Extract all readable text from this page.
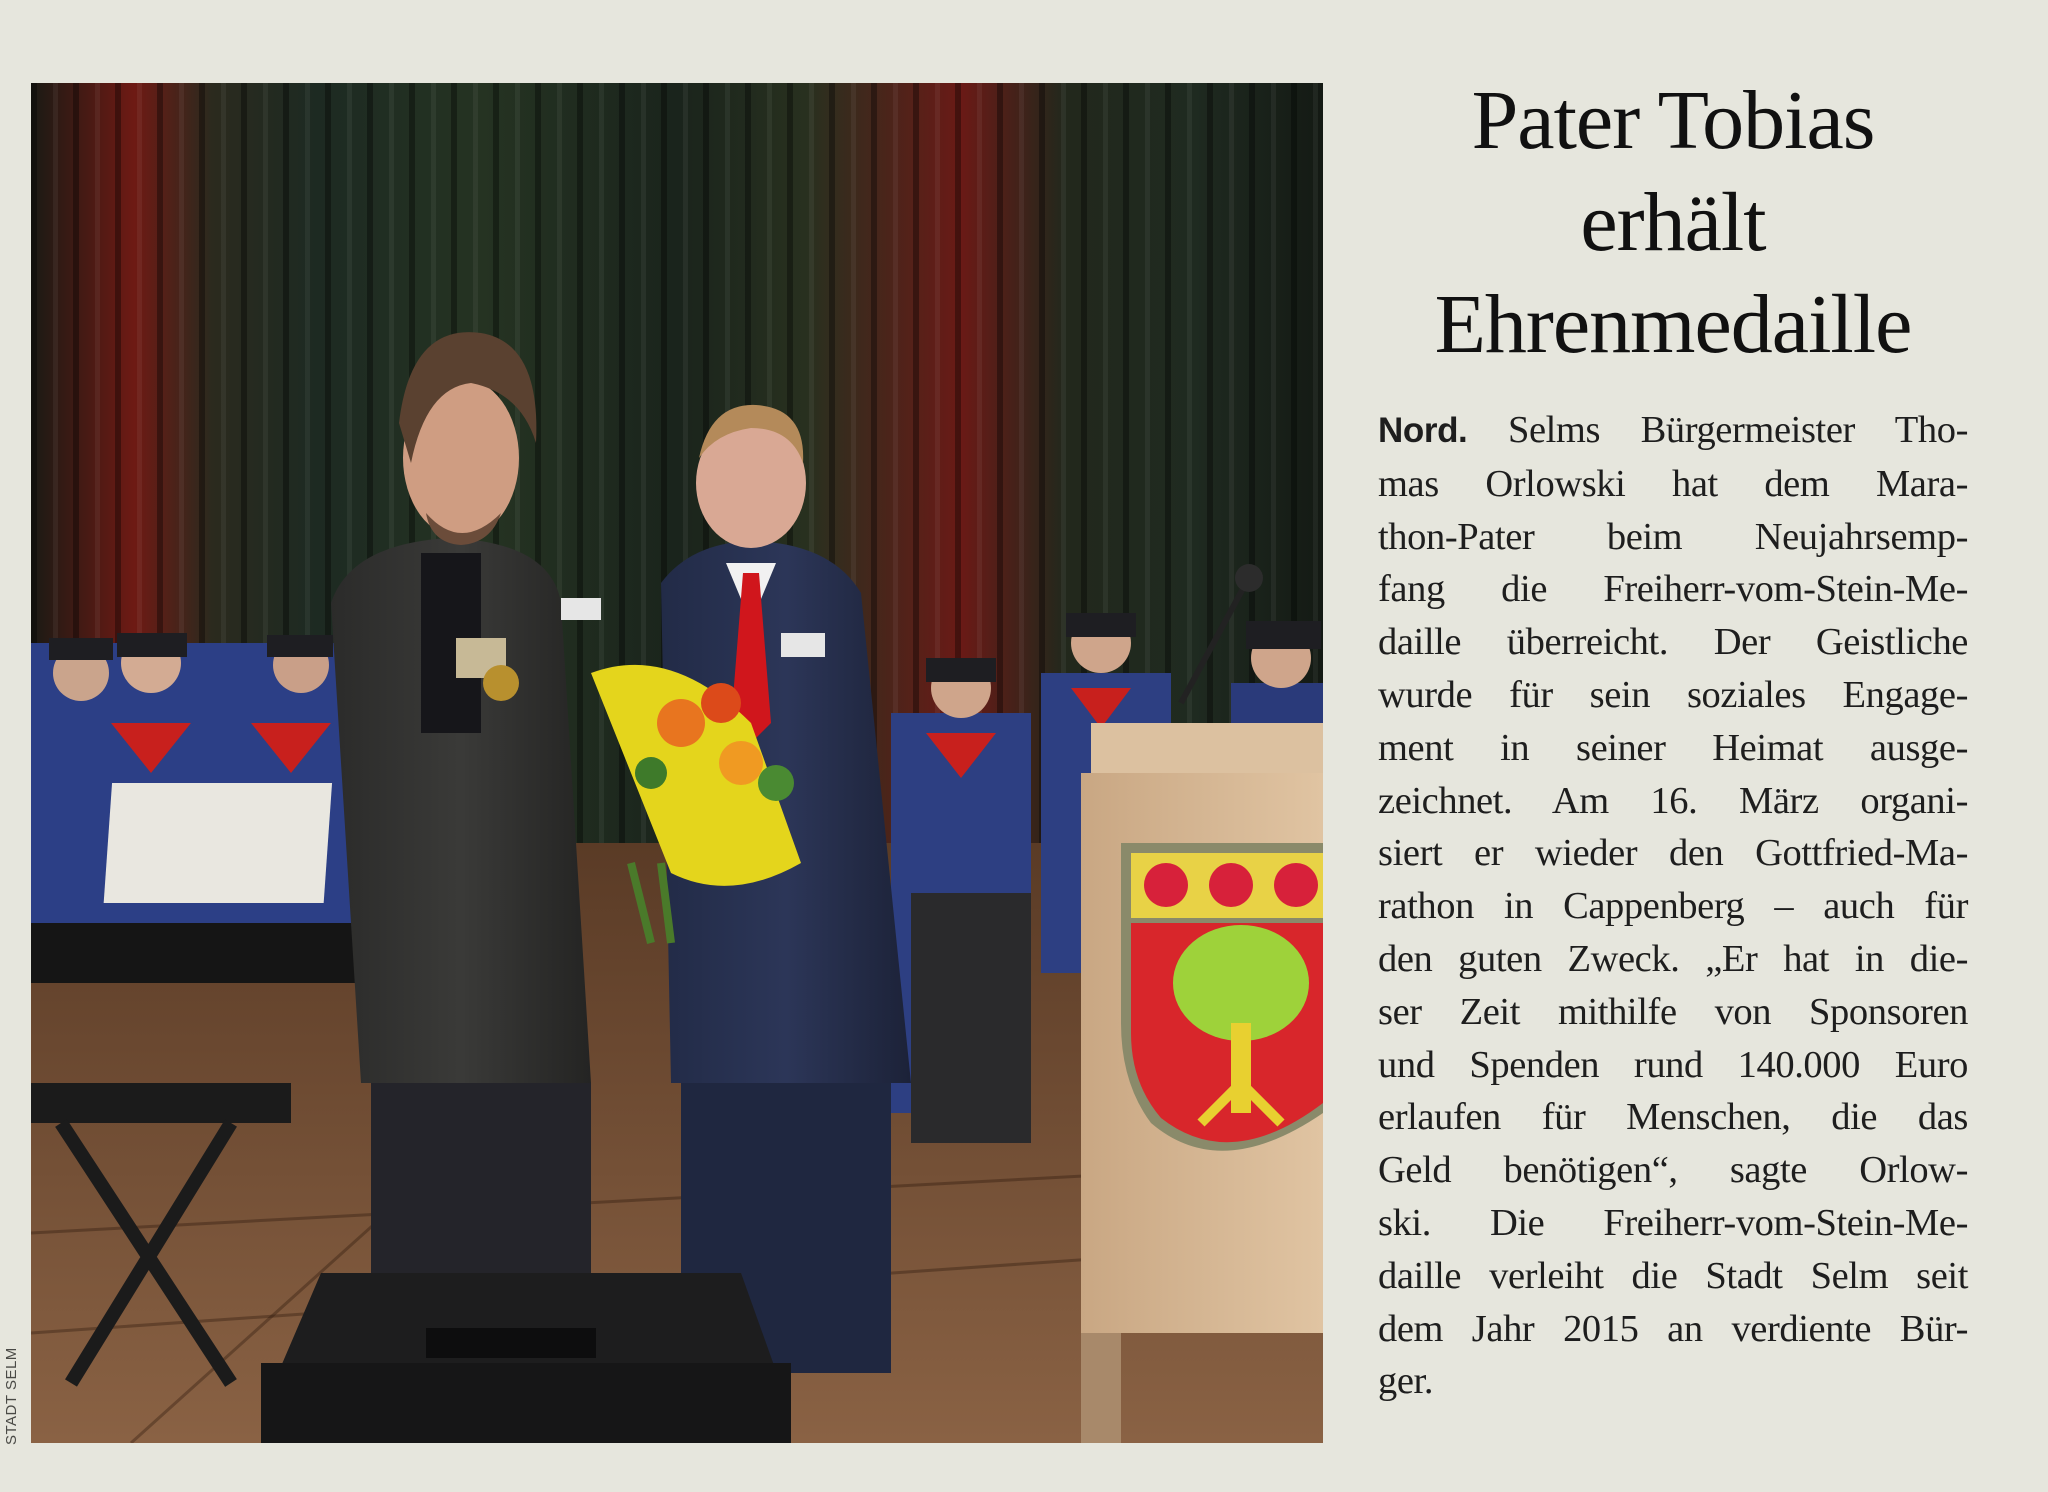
STADT SELM
Pater Tobias
erhält
Ehrenmedaille
Nord. Selms Bürgermeister Tho-
mas Orlowski hat dem Mara-
thon-Pater beim Neujahrsemp-
fang die Freiherr-vom-Stein-Me-
daille überreicht. Der Geistliche
wurde für sein soziales Engage-
ment in seiner Heimat ausge-
zeichnet. Am 16. März organi-
siert er wieder den Gottfried-Ma-
rathon in Cappenberg – auch für
den guten Zweck. „Er hat in die-
ser Zeit mithilfe von Sponsoren
und Spenden rund 140.000 Euro
erlaufen für Menschen, die das
Geld benötigen“, sagte Orlow-
ski. Die Freiherr-vom-Stein-Me-
daille verleiht die Stadt Selm seit
dem Jahr 2015 an verdiente Bür-
ger.
